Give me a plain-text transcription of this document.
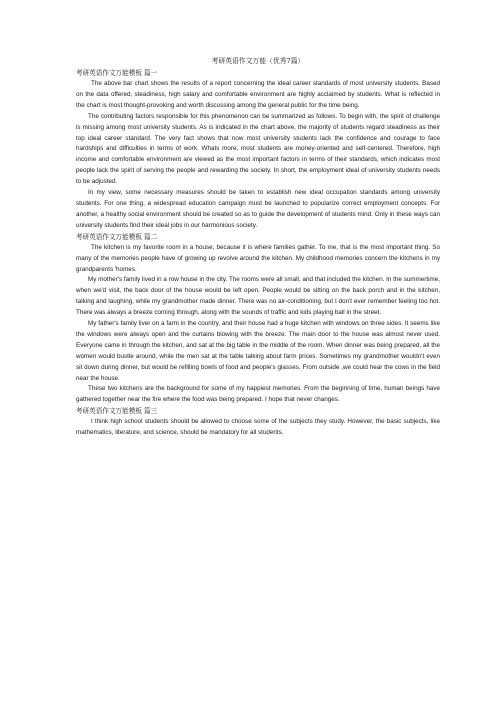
考研英语作文万能（优秀7篇）
考研英语作文万能模板 篇一

The above bar chart shows the results of a report concerning the ideal career standards of most university students. Based on the data offered, steadiness, high salary and comfortable environment are highly acclaimed by students. What is reflected in the chart is most thought-provoking and worth discussing among the general public for the time being.

The contributing factors responsible for this phenomenon can be summarized as follows. To begin with, the spirit of challenge is missing among most university students. As is indicated in the chart above, the majority of students regard steadiness as their top ideal career standard. The very fact shows that now most university students lack the confidence and courage to face hardships and difficulties in terms of work. Whats more, most students are money-oriented and self-centered. Therefore, high income and comfortable environment are viewed as the most important factors in terms of their standards, which indicates most people lack the spirit of serving the people and rewarding the society. In short, the employment ideal of university students needs to be adjusted.

In my view, some necessary measures should be taken to establish new ideal occupation standards among university students. For one thing, a widespread education campaign must be launched to popularize correct employment concepts. For another, a healthy social environment should be created so as to guide the development of students mind. Only in these ways can university students find their ideal jobs in our harmonious society.

考研英语作文万能模板 篇二

The kitchen is my favorite room in a house, because it is where families gather. To me, that is the most important thing. So many of the memories people have of growing up revolve around the kitchen. My childhood memories concern the kitchens in my grandparents 'homes.

My mother's family lived in a row house in the city. The rooms were all small, and that included the kitchen. In the summertime, when we'd visit, the back door of the house would be left open. People would be sitting on the back porch and in the kitchen, talking and laughing, while my grandmother made dinner. There was no air-conditioning, but I don't ever remember feeling too hot. There was always a breeze coming through, along with the sounds of traffic and kids playing ball in the street.

My father's family liver on a farm in the country, and their house had a huge kitchen with windows on three sides. It seems like the windows were always open and the curtains blowing with the breeze. The main door to the house was almost never used. Everyone came in through the kitchen, and sat at the big table in the middle of the room. When dinner was being prepared, all the women would bustle around, while the men sat at the table talking about farm prices. Sometimes my grandmother wouldn't even sit down during dinner, but would be refilling bowls of food and people's glasses. From outside ,we could hear the cows in the field near the house.

These two kitchens are the background for some of my happiest memories. From the beginning of time, human beings have gathered together near the fire where the food was being prepared. I hope that never changes.

考研英语作文万能模板 篇三

I think high school students should be allowed to choose some of the subjects they study. However, the basic subjects, like mathematics, literature, and science, should be mandatory for all students.
